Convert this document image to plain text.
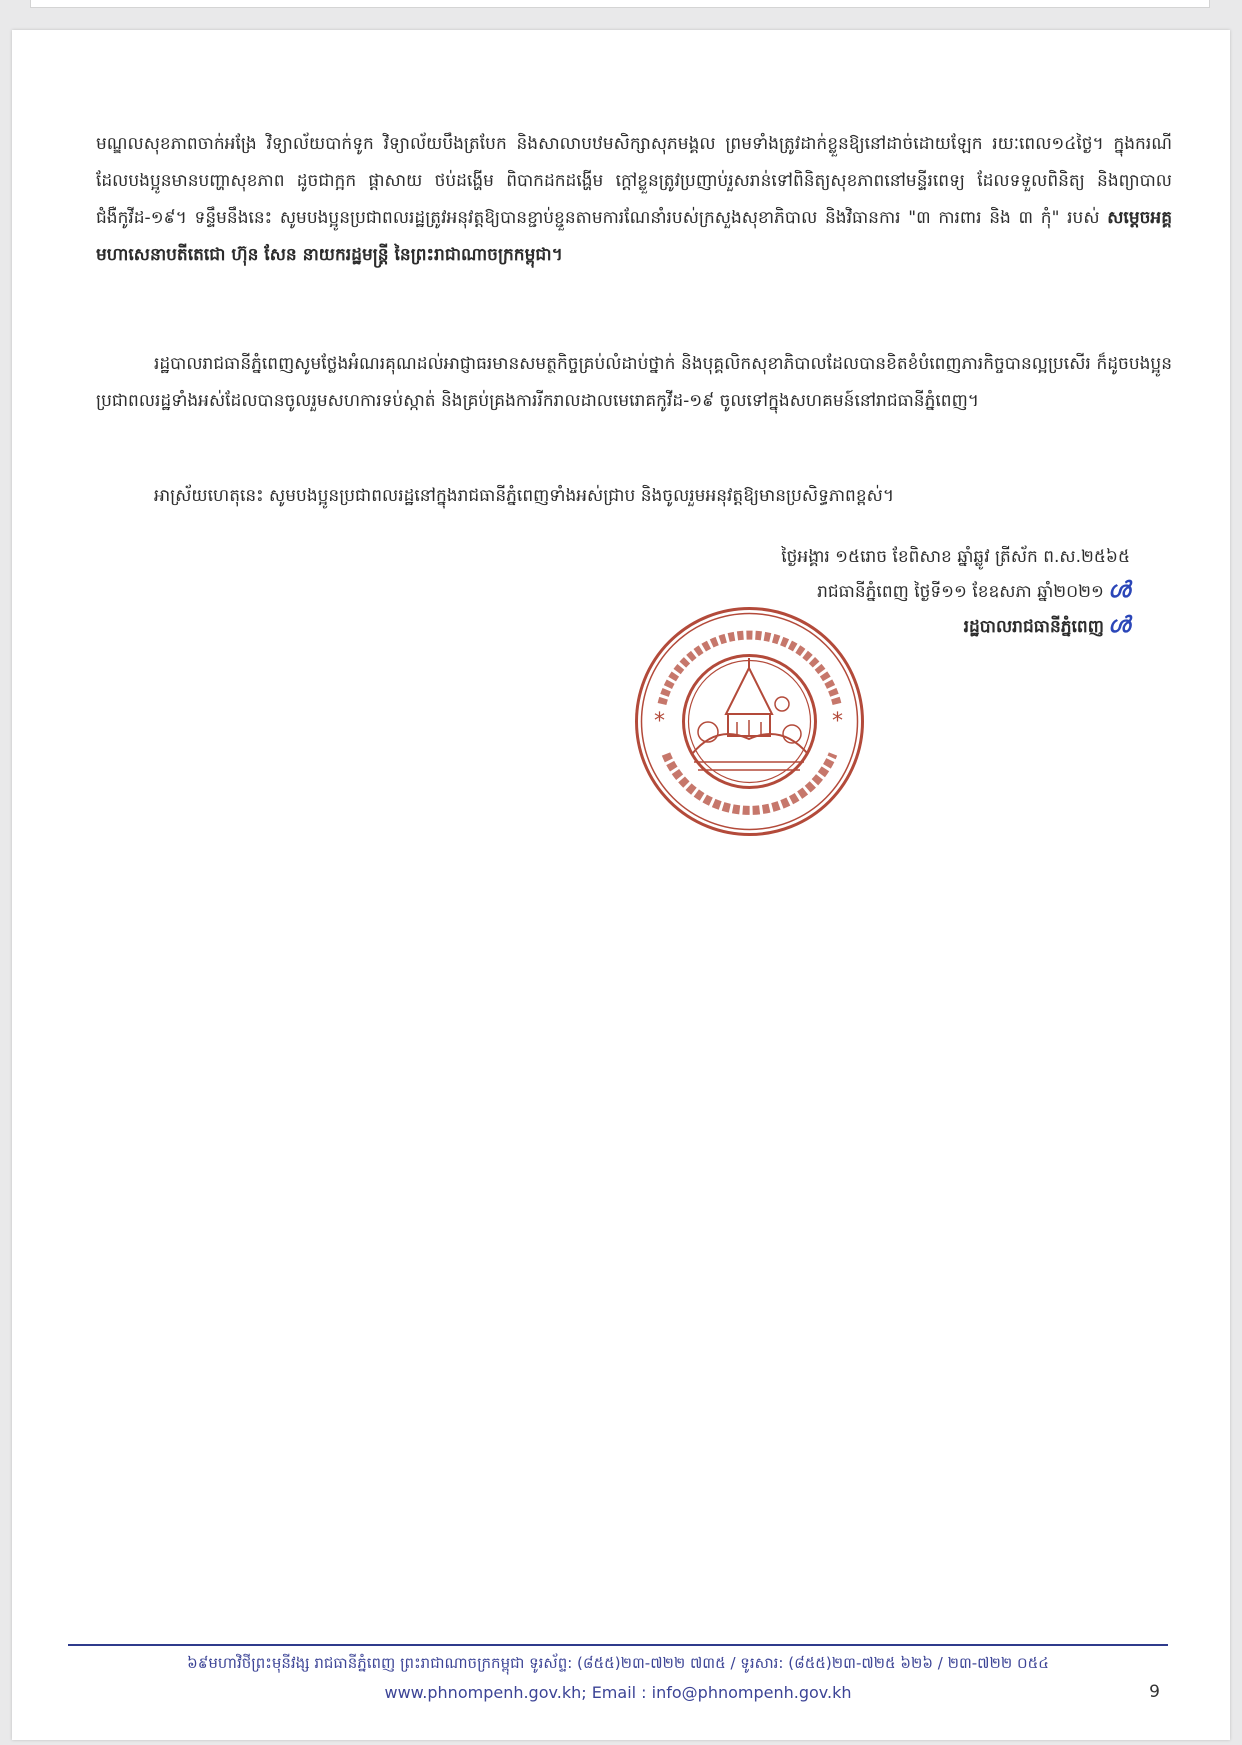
មណ្ឌលសុខភាពចាក់អង្រែ វិទ្យាល័យបាក់ទូក វិទ្យាល័យបឹងត្របែក និងសាលាបឋមសិក្សាសុភមង្គល ព្រមទាំងត្រូវដាក់ខ្លួនឱ្យនៅដាច់ដោយឡែក រយៈពេល១៤ថ្ងៃ។ ក្នុងករណីដែលបងប្អូនមានបញ្ហាសុខភាព ដូចជាក្អក ផ្តាសាយ ថប់ដង្ហើម ពិបាកដកដង្ហើម ក្តៅខ្លួនត្រូវប្រញាប់រួសរាន់ទៅពិនិត្យសុខភាពនៅមន្ទីរពេទ្យ ដែលទទួលពិនិត្យ និងព្យាបាលជំងឺកូវីដ-១៩។ ទន្ទឹមនឹងនេះ សូមបងប្អូនប្រជាពលរដ្ឋត្រូវអនុវត្តឱ្យបានខ្ជាប់ខ្ជួនតាមការណែនាំរបស់ក្រសួងសុខាភិបាល និងវិធានការ "៣ ការពារ និង ៣ កុំ" របស់ សម្តេចអគ្គមហាសេនាបតីតេជោ ហ៊ុន សែន នាយករដ្ឋមន្ត្រី នៃព្រះរាជាណាចក្រកម្ពុជា។

រដ្ឋបាលរាជធានីភ្នំពេញសូមថ្លែងអំណរគុណដល់អាជ្ញាធរមានសមត្ថកិច្ចគ្រប់លំដាប់ថ្នាក់ និងបុគ្គលិកសុខាភិបាលដែលបានខិតខំបំពេញភារកិច្ចបានល្អប្រសើរ ក៏ដូចបងប្អូនប្រជាពលរដ្ឋទាំងអស់ដែលបានចូលរួមសហការទប់ស្កាត់ និងគ្រប់គ្រងការរីករាលដាលមេរោគកូវីដ-១៩ ចូលទៅក្នុងសហគមន៍នៅរាជធានីភ្នំពេញ។

អាស្រ័យហេតុនេះ សូមបងប្អូនប្រជាពលរដ្ឋនៅក្នុងរាជធានីភ្នំពេញទាំងអស់ជ្រាប និងចូលរួមអនុវត្តឱ្យមានប្រសិទ្ធភាពខ្ពស់។

ថ្ងៃអង្គារ ១៥រោច ខែពិសាខ ឆ្នាំឆ្លូវ ត្រីស័ក ព.ស.២៥៦៥
រាជធានីភ្នំពេញ ថ្ងៃទី១១ ខែឧសភា ឆ្នាំ២០២១ ൾ
រដ្ឋបាលរាជធានីភ្នំពេញ ൾ
*	*
៦៩មហាវិថីព្រះមុនីវង្ស រាជធានីភ្នំពេញ ព្រះរាជាណាចក្រកម្ពុជា ទូរស័ព្ទ: (៨៥៥)២៣-៧២២ ៧៣៥ / ទូរសារ: (៨៥៥)២៣-៧២៥ ៦២៦ / ២៣-៧២២ ០៥៤
www.phnompenh.gov.kh; Email : info@phnompenh.gov.kh	9
